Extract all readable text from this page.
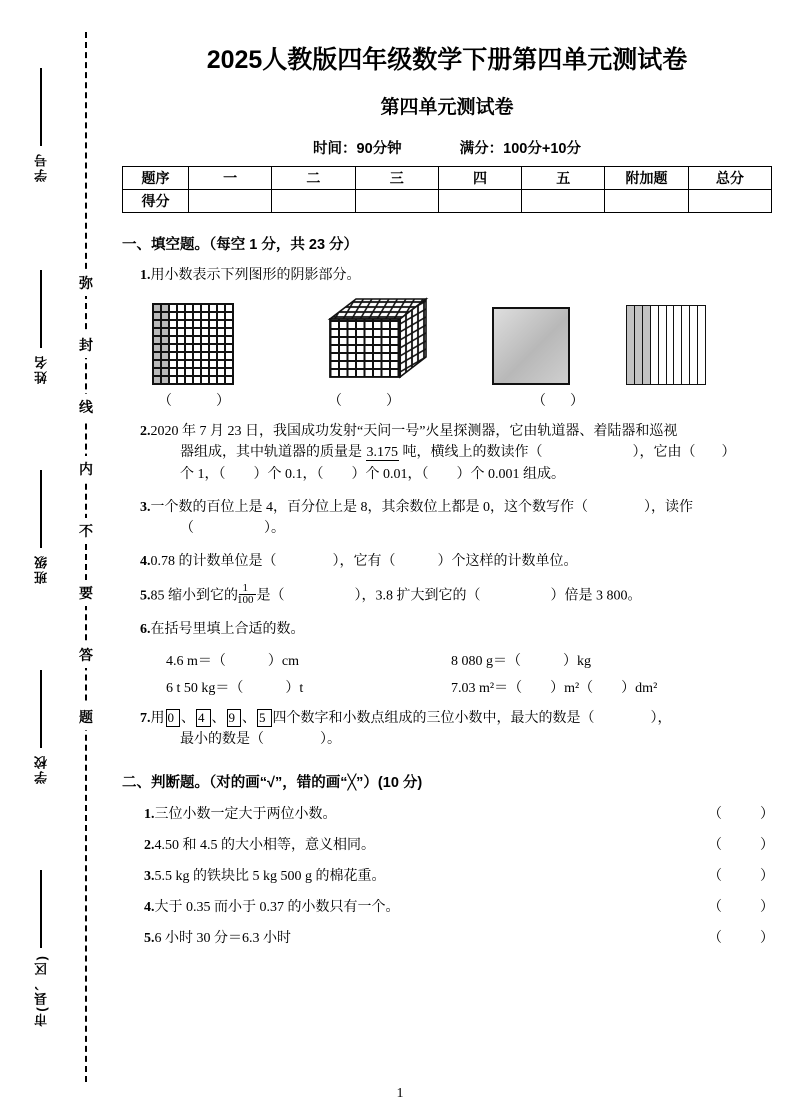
学号
姓名
班级
学校
市(县、区)
弥
封
线
内
不
要
答
题
2025人教版四年级数学下册第四单元测试卷
第四单元测试卷
时间：90分钟	满分：100分+10分
题序	一	二	三	四	五	附加题	总分
得分							
一、填空题。（每空 1 分，共 23 分）
1.用小数表示下列图形的阴影部分。
（	）	（	）	（ ）
2.2020 年 7 月 23 日，我国成功发射“天问一号”火星探测器，它由轨道器、着陆器和巡视
器组成，其中轨道器的质量是 3.175 吨，横线上的数读作（	），它由（ ）
个 1，（　　）个 0.1，（　　）个 0.01，（　　）个 0.001 组成。
3.一个数的百位上是 4，百分位上是 8，其余数位上都是 0，这个数写作（　　　　），读作
（　　　　　）。
4.0.78 的计数单位是（　　　　），它有（　　　）个这样的计数单位。
5.85 缩小到它的 $\frac{1}{100}$ 是（　　　　　），3.8 扩大到它的（　　　　　）倍是 3 800。
6.在括号里填上合适的数。
4.6 m＝（　　　）cm	8 080 g＝（　　　）kg
6 t 50 kg＝（　　　）t	7.03 m²＝（　　）m²（　　）dm²
7.用 0 、 4 、 9 、 5 四个数字和小数点组成的三位小数中，最大的数是（　　　　），
最小的数是（　　　　）。
二、判断题。（对的画“√”，错的画“╳”）(10 分)
1.三位小数一定大于两位小数。	（　）
2.4.50 和 4.5 的大小相等，意义相同。	（　）
3.5.5 kg 的铁块比 5 kg 500 g 的棉花重。	（　）
4.大于 0.35 而小于 0.37 的小数只有一个。	（　）
5.6 小时 30 分＝6.3 小时	（　）
1
